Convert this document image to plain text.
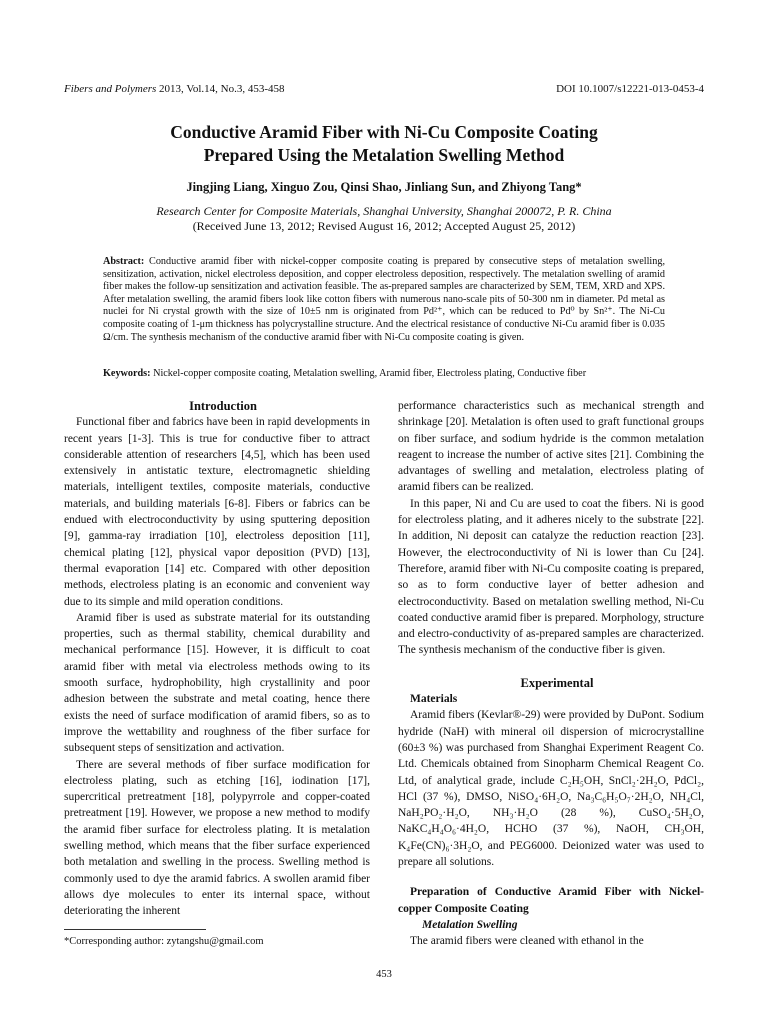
Fibers and Polymers 2013, Vol.14, No.3, 453-458	DOI 10.1007/s12221-013-0453-4
Conductive Aramid Fiber with Ni-Cu Composite Coating
Prepared Using the Metalation Swelling Method
Jingjing Liang, Xinguo Zou, Qinsi Shao, Jinliang Sun, and Zhiyong Tang*
Research Center for Composite Materials, Shanghai University, Shanghai 200072, P. R. China
(Received June 13, 2012; Revised August 16, 2012; Accepted August 25, 2012)
Abstract: Conductive aramid fiber with nickel-copper composite coating is prepared by consecutive steps of metalation swelling, sensitization, activation, nickel electroless deposition, and copper electroless deposition, respectively. The metalation swelling of aramid fiber makes the follow-up sensitization and activation feasible. The as-prepared samples are characterized by SEM, TEM, XRD and XPS. After metalation swelling, the aramid fibers look like cotton fibers with numerous nano-scale pits of 50-300 nm in diameter. Pd metal as nuclei for Ni crystal growth with the size of 10±5 nm is originated from Pd²⁺, which can be reduced to Pd⁰ by Sn²⁺. The Ni-Cu composite coating of 1-μm thickness has polycrystalline structure. And the electrical resistance of conductive Ni-Cu aramid fiber is 0.035 Ω/cm. The synthesis mechanism of the conductive aramid fiber with Ni-Cu composite coating is given.
Keywords: Nickel-copper composite coating, Metalation swelling, Aramid fiber, Electroless plating, Conductive fiber

Introduction

Functional fiber and fabrics have been in rapid developments in recent years [1-3]. This is true for conductive fiber to attract considerable attention of researchers [4,5], which has been used extensively in antistatic texture, electromagnetic shielding materials, intelligent textiles, composite materials, conductive materials, and building materials [6-8]. Fibers or fabrics can be endued with electroconductivity by using sputtering deposition [9], gamma-ray irradiation [10], electroless deposition [11], chemical plating [12], physical vapor deposition (PVD) [13], thermal evaporation [14] etc. Compared with other deposition methods, electroless plating is an economic and convenient way due to its simple and mild operation conditions.

Aramid fiber is used as substrate material for its outstanding properties, such as thermal stability, chemical durability and mechanical performance [15]. However, it is difficult to coat aramid fiber with metal via electroless methods owing to its smooth surface, hydrophobility, high crystallinity and poor adhesion between the substrate and metal coating, hence there exists the need of surface modification of aramid fibers, so as to improve the wettability and roughness of the fiber surface for subsequent steps of sensitization and activation.

There are several methods of fiber surface modification for electroless plating, such as etching [16], iodination [17], supercritical pretreatment [18], polypyrrole and copper-coated pretreatment [19]. However, we propose a new method to modify the aramid fiber surface for electroless plating. It is metalation swelling method, which means that the fiber surface experienced both metalation and swelling in the process. Swelling method is commonly used to dye the aramid fabrics. A swollen aramid fiber allows dye molecules to enter its internal space, without deteriorating the inherent

performance characteristics such as mechanical strength and shrinkage [20]. Metalation is often used to graft functional groups on fiber surface, and sodium hydride is the common metalation reagent to increase the number of active sites [21]. Combining the advantages of swelling and metalation, electroless plating of aramid fibers can be realized.

In this paper, Ni and Cu are used to coat the fibers. Ni is good for electroless plating, and it adheres nicely to the substrate [22]. In addition, Ni deposit can catalyze the reduction reaction [23]. However, the electroconductivity of Ni is lower than Cu [24]. Therefore, aramid fiber with Ni-Cu composite coating is prepared, so as to form conductive layer of better adhesion and electroconductivity. Based on metalation swelling method, Ni-Cu coated conductive aramid fiber is prepared. Morphology, structure and electro-conductivity of as-prepared samples are characterized. The synthesis mechanism of the conductive fiber is given.

Experimental

Materials

Aramid fibers (Kevlar®-29) were provided by DuPont. Sodium hydride (NaH) with mineral oil dispersion of microcrystalline (60±3 %) was purchased from Shanghai Experiment Reagent Co. Ltd. Chemicals obtained from Sinopharm Chemical Reagent Co. Ltd, of analytical grade, include C₂H₅OH, SnCl₂·2H₂O, PdCl₂, HCl (37 %), DMSO, NiSO₄·6H₂O, Na₃C₆H₅O₇·2H₂O, NH₄Cl, NaH₂PO₂·H₂O, NH₃·H₂O (28 %), CuSO₄·5H₂O, NaKC₄H₄O₆·4H₂O, HCHO (37 %), NaOH, CH₃OH, K₄Fe(CN)₆·3H₂O, and PEG6000. Deionized water was used to prepare all solutions.

Preparation of Conductive Aramid Fiber with Nickel-copper Composite Coating

Metalation Swelling

The aramid fibers were cleaned with ethanol in the

*Corresponding author: zytangshu@gmail.com
453
